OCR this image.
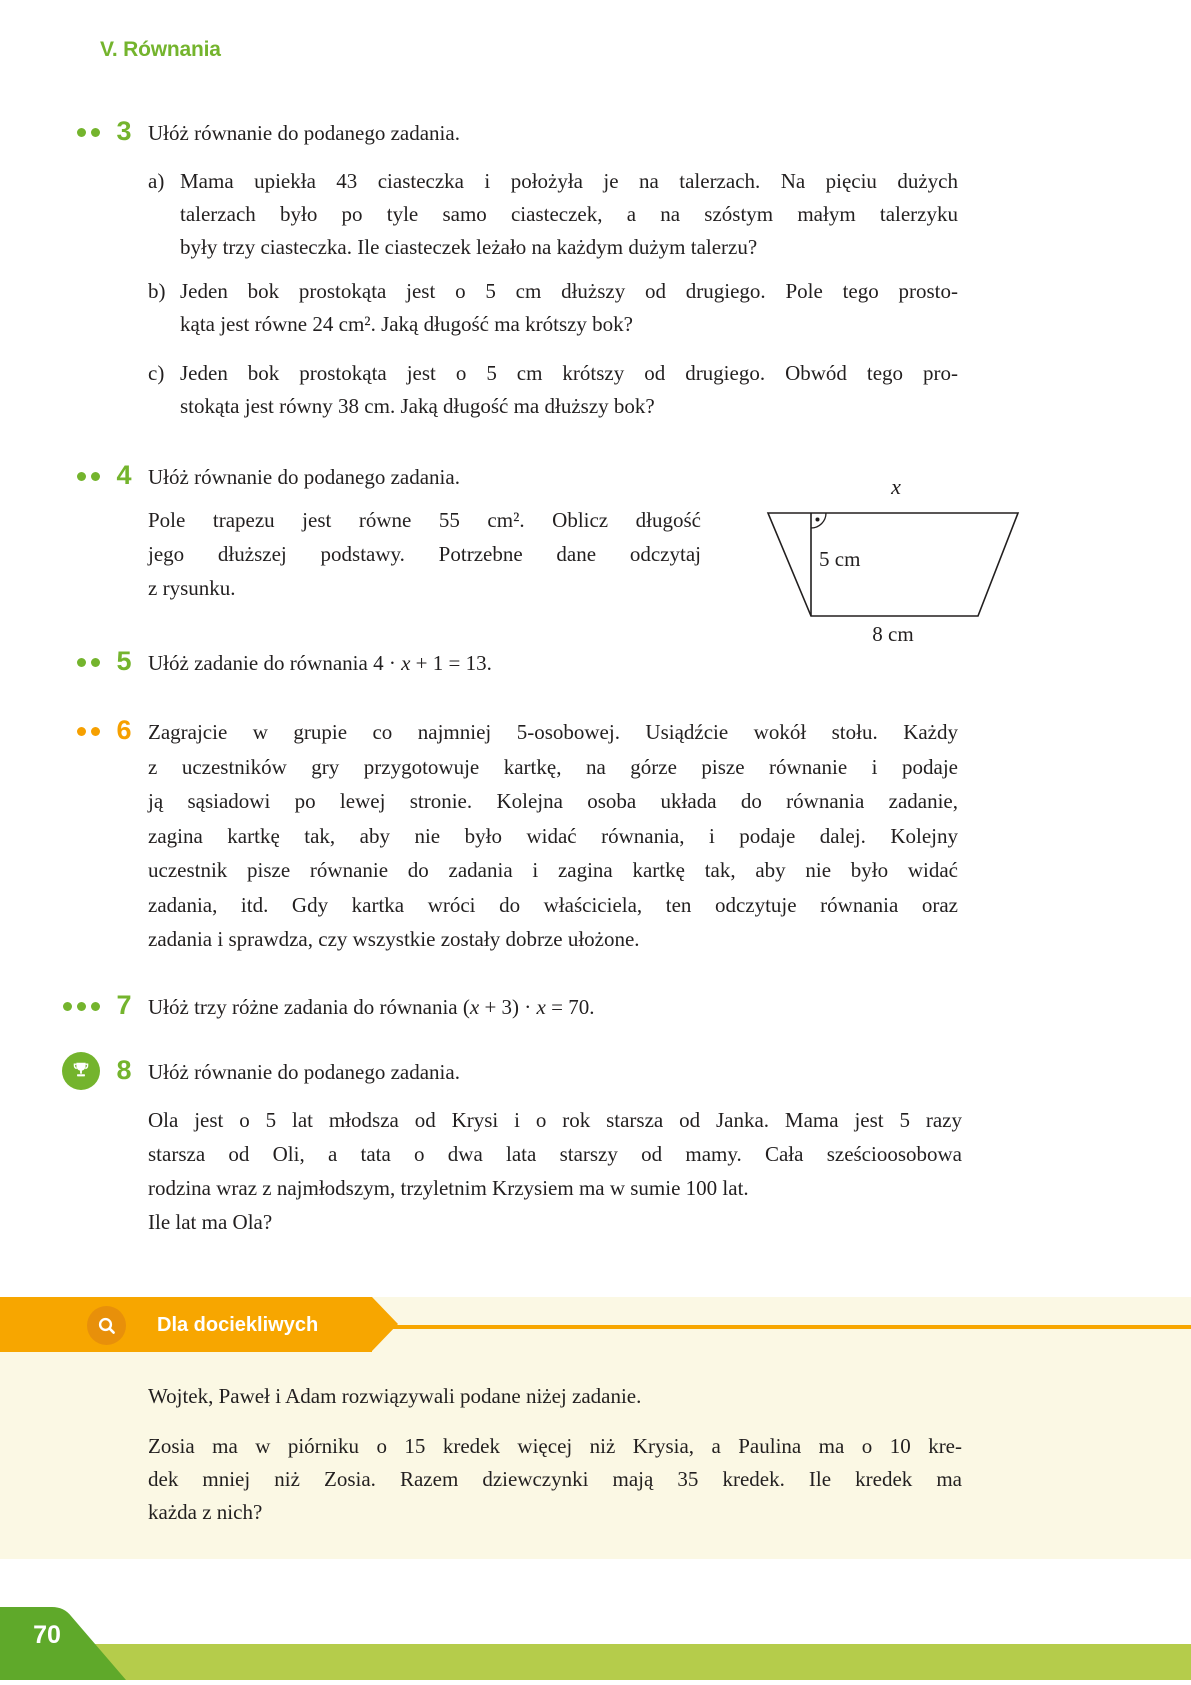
V. Równania
3 Ułóż równanie do podanego zadania.
a) Mama upiekła 43 ciasteczka i położyła je na talerzach. Na pięciu dużych
talerzach było po tyle samo ciasteczek, a na szóstym małym talerzyku
były trzy ciasteczka. Ile ciasteczek leżało na każdym dużym talerzu?
b) Jeden bok prostokąta jest o 5 cm dłuższy od drugiego. Pole tego prosto-
kąta jest równe 24 cm². Jaką długość ma krótszy bok?
c) Jeden bok prostokąta jest o 5 cm krótszy od drugiego. Obwód tego pro-
stokąta jest równy 38 cm. Jaką długość ma dłuższy bok?
4 Ułóż równanie do podanego zadania.
Pole trapezu jest równe 55 cm². Oblicz długość
jego dłuższej podstawy. Potrzebne dane odczytaj
z rysunku.
x
5 cm
8 cm
5 Ułóż zadanie do równania 4 · x + 1 = 13.
6 Zagrajcie w grupie co najmniej 5-osobowej. Usiądźcie wokół stołu. Każdy
z uczestników gry przygotowuje kartkę, na górze pisze równanie i podaje
ją sąsiadowi po lewej stronie. Kolejna osoba układa do równania zadanie,
zagina kartkę tak, aby nie było widać równania, i podaje dalej. Kolejny
uczestnik pisze równanie do zadania i zagina kartkę tak, aby nie było widać
zadania, itd. Gdy kartka wróci do właściciela, ten odczytuje równania oraz
zadania i sprawdza, czy wszystkie zostały dobrze ułożone.
7 Ułóż trzy różne zadania do równania (x + 3) · x = 70.
8 Ułóż równanie do podanego zadania.
Ola jest o 5 lat młodsza od Krysi i o rok starsza od Janka. Mama jest 5 razy
starsza od Oli, a tata o dwa lata starszy od mamy. Cała sześcioosobowa
rodzina wraz z najmłodszym, trzyletnim Krzysiem ma w sumie 100 lat.
Ile lat ma Ola?
Dla dociekliwych
Wojtek, Paweł i Adam rozwiązywali podane niżej zadanie.
Zosia ma w piórniku o 15 kredek więcej niż Krysia, a Paulina ma o 10 kre-
dek mniej niż Zosia. Razem dziewczynki mają 35 kredek. Ile kredek ma
każda z nich?
70
